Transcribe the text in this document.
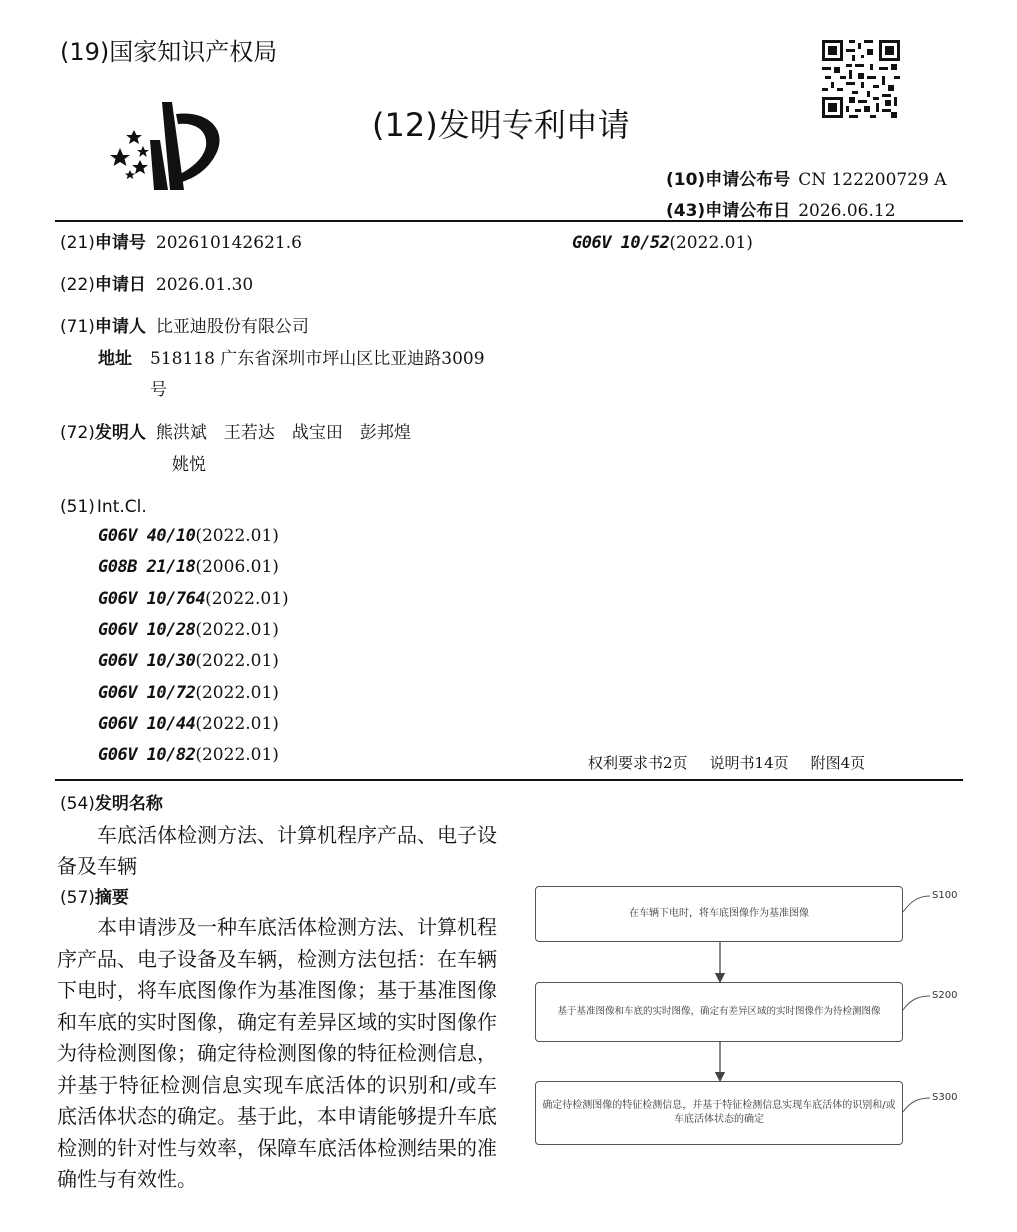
(19)国家知识产权局
(12)发明专利申请
(10)申请公布号 CN 122200729 A
(43)申请公布日 2026.06.12
(21)申请号 202610142621.6	G06V 10/52(2022.01)
(22)申请日 2026.01.30
(71)申请人 比亚迪股份有限公司
地址 518118 广东省深圳市坪山区比亚迪路3009号
(72)发明人 熊洪斌　王若达　战宝田　彭邦煌
姚悦
(51) Int.Cl.
G06V 40/10(2022.01)
G08B 21/18(2006.01)
G06V 10/764(2022.01)
G06V 10/28(2022.01)
G06V 10/30(2022.01)
G06V 10/72(2022.01)
G06V 10/44(2022.01)
G06V 10/82(2022.01)	权利要求书2页 说明书14页 附图4页
(54)发明名称
车底活体检测方法、计算机程序产品、电子设备及车辆
(57)摘要
本申请涉及一种车底活体检测方法、计算机程序产品、电子设备及车辆，检测方法包括：在车辆下电时，将车底图像作为基准图像；基于基准图像和车底的实时图像，确定有差异区域的实时图像作为待检测图像；确定待检测图像的特征检测信息，并基于特征检测信息实现车底活体的识别和/或车底活体状态的确定。基于此，本申请能够提升车底检测的针对性与效率，保障车底活体检测结果的准确性与有效性。
在车辆下电时，将车底图像作为基准图像
基于基准图像和车底的实时图像，确定有差异区域的实时图像作为待检测图像
确定待检测图像的特征检测信息，并基于特征检测信息实现车底活体的识别和/或车底活体状态的确定
S100
S200
S300
